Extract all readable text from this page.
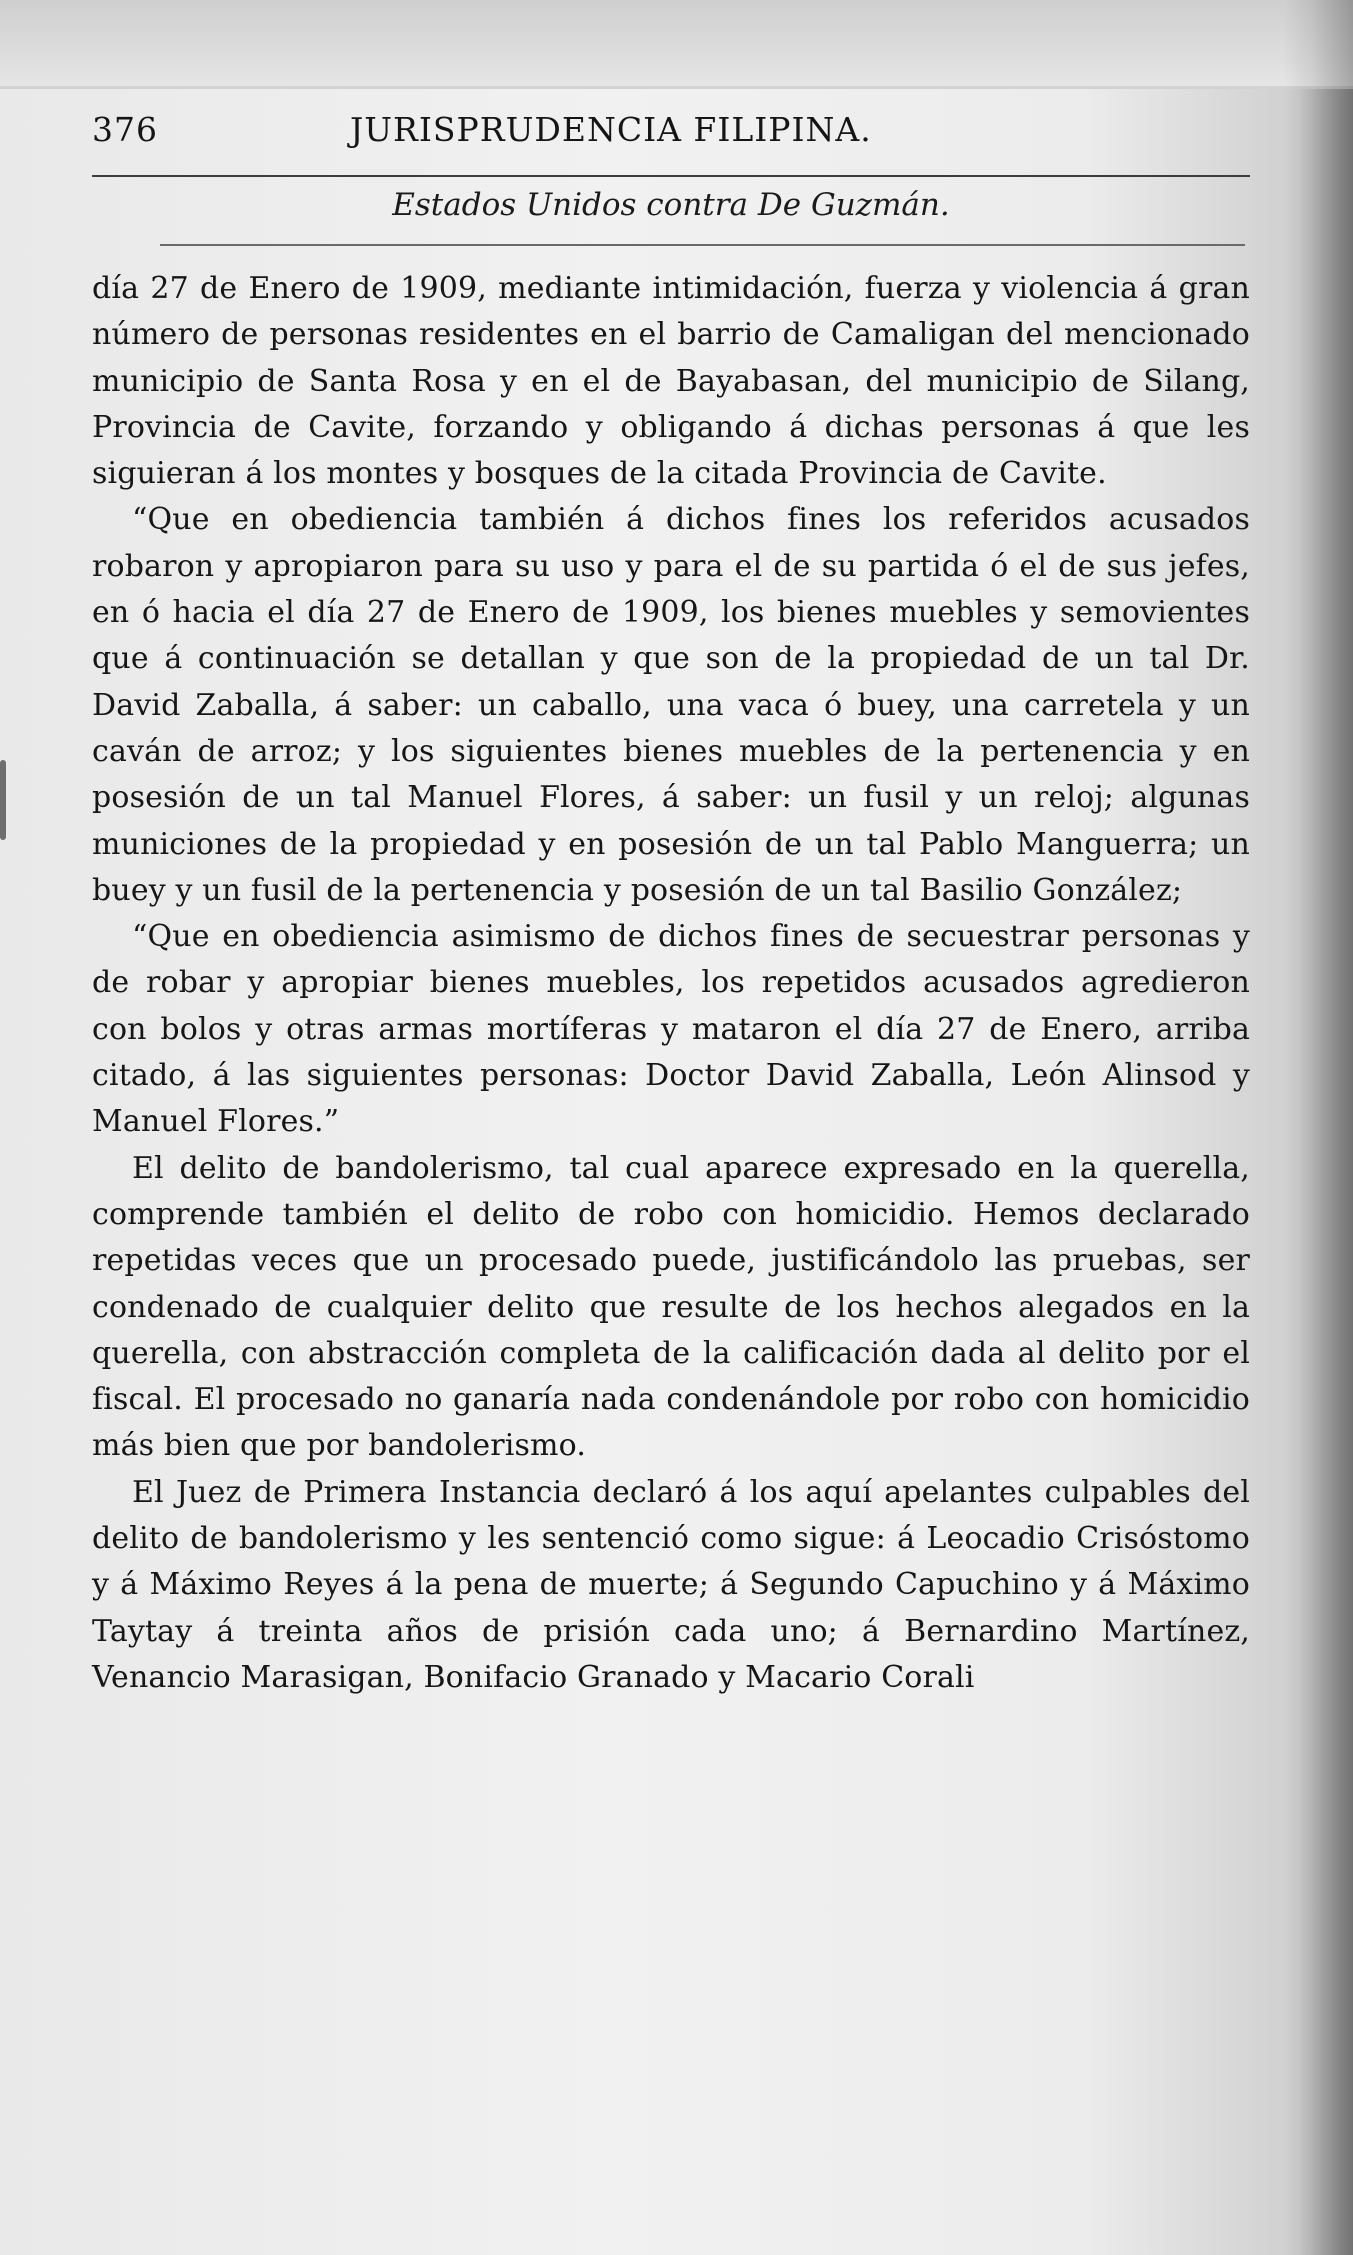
376	JURISPRUDENCIA FILIPINA.
Estados Unidos contra De Guzmán.

día 27 de Enero de 1909, mediante intimidación, fuerza y violencia á gran número de personas residentes en el barrio de Camaligan del mencionado municipio de Santa Rosa y en el de Bayabasan, del municipio de Silang, Provincia de Cavite, forzando y obligando á dichas personas á que les siguieran á los montes y bosques de la citada Provincia de Cavite.

“Que en obediencia también á dichos fines los referidos acusados robaron y apropiaron para su uso y para el de su partida ó el de sus jefes, en ó hacia el día 27 de Enero de 1909, los bienes muebles y semovientes que á continuación se detallan y que son de la propiedad de un tal Dr. David Zaballa, á saber: un caballo, una vaca ó buey, una carretela y un caván de arroz; y los siguientes bienes muebles de la pertenencia y en posesión de un tal Manuel Flores, á saber: un fusil y un reloj; algunas municiones de la propiedad y en posesión de un tal Pablo Manguerra; un buey y un fusil de la pertenencia y posesión de un tal Basilio González;

“Que en obediencia asimismo de dichos fines de secuestrar personas y de robar y apropiar bienes muebles, los repetidos acusados agredieron con bolos y otras armas mortíferas y mataron el día 27 de Enero, arriba citado, á las siguientes personas: Doctor David Zaballa, León Alinsod y Manuel Flores.”

El delito de bandolerismo, tal cual aparece expresado en la querella, comprende también el delito de robo con homicidio. Hemos declarado repetidas veces que un procesado puede, justificándolo las pruebas, ser condenado de cualquier delito que resulte de los hechos alegados en la querella, con abstracción completa de la calificación dada al delito por el fiscal. El procesado no ganaría nada condenándole por robo con homicidio más bien que por bandolerismo.

El Juez de Primera Instancia declaró á los aquí apelantes culpables del delito de bandolerismo y les sentenció como sigue: á Leocadio Crisóstomo y á Máximo Reyes á la pena de muerte; á Segundo Capuchino y á Máximo Taytay á treinta años de prisión cada uno; á Bernardino Martínez, Venancio Marasigan, Bonifacio Granado y Macario Corali
